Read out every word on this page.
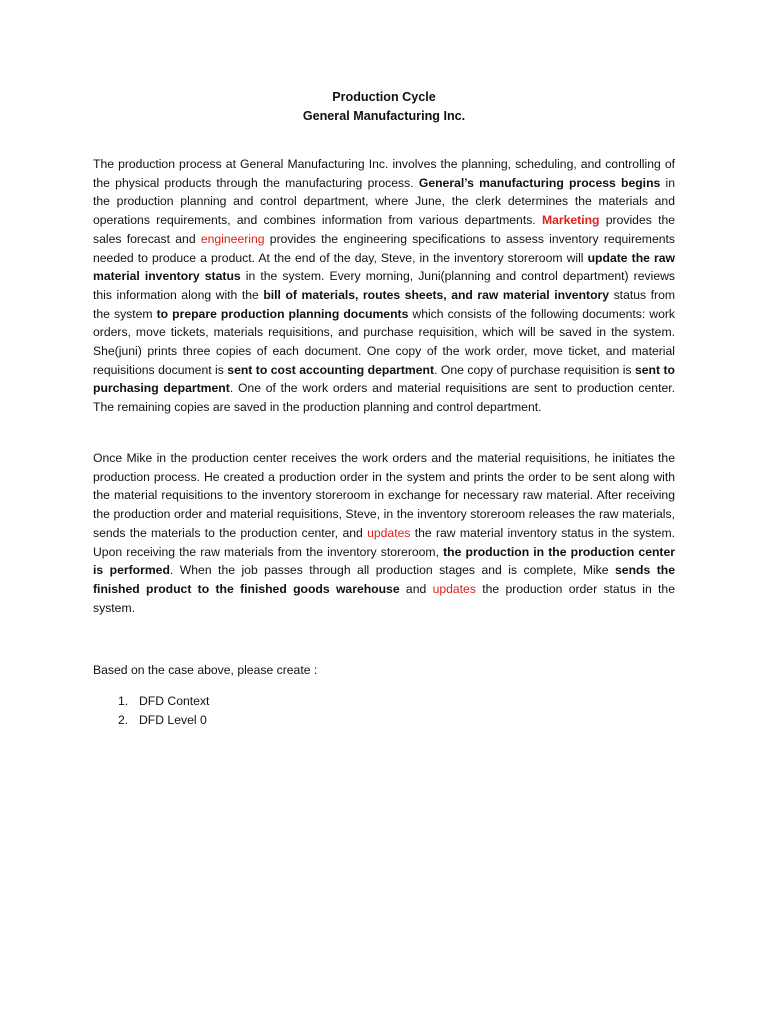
Production Cycle
General Manufacturing Inc.
The production process at General Manufacturing Inc. involves the planning, scheduling, and controlling of the physical products through the manufacturing process. General’s manufacturing process begins in the production planning and control department, where June, the clerk determines the materials and operations requirements, and combines information from various departments. Marketing provides the sales forecast and engineering provides the engineering specifications to assess inventory requirements needed to produce a product. At the end of the day, Steve, in the inventory storeroom will update the raw material inventory status in the system. Every morning, Juni(planning and control department) reviews this information along with the bill of materials, routes sheets, and raw material inventory status from the system to prepare production planning documents which consists of the following documents: work orders, move tickets, materials requisitions, and purchase requisition, which will be saved in the system. She(juni) prints three copies of each document. One copy of the work order, move ticket, and material requisitions document is sent to cost accounting department. One copy of purchase requisition is sent to purchasing department. One of the work orders and material requisitions are sent to production center. The remaining copies are saved in the production planning and control department.
Once Mike in the production center receives the work orders and the material requisitions, he initiates the production process. He created a production order in the system and prints the order to be sent along with the material requisitions to the inventory storeroom in exchange for necessary raw material. After receiving the production order and material requisitions, Steve, in the inventory storeroom releases the raw materials, sends the materials to the production center, and updates the raw material inventory status in the system. Upon receiving the raw materials from the inventory storeroom, the production in the production center is performed. When the job passes through all production stages and is complete, Mike sends the finished product to the finished goods warehouse and updates the production order status in the system.
Based on the case above, please create :
1. DFD Context
2. DFD Level 0
